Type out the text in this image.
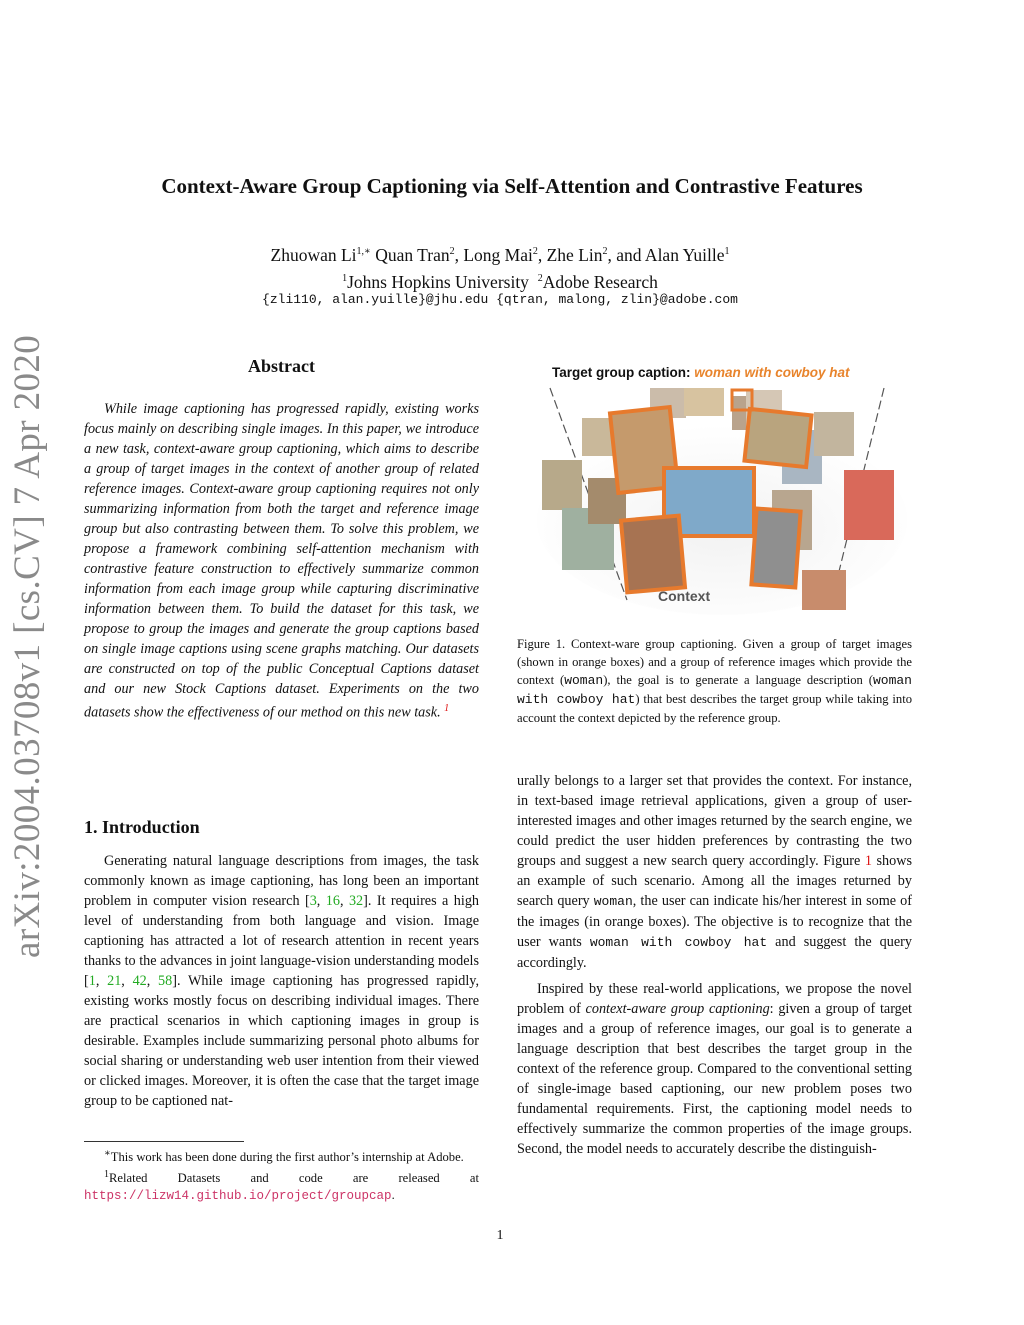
arXiv:2004.03708v1 [cs.CV] 7 Apr 2020
Context-Aware Group Captioning via Self-Attention and Contrastive Features
Zhuowan $Li^{1,∗}$ Quan Tran$^2$, Long Mai$^2$, Zhe Lin$^2$, and Alan Yuille$^1$
$^1$Johns Hopkins University $^2$Adobe Research
{zli110, alan.yuille}@jhu.edu {qtran, malong, zlin}@adobe.com
Abstract

While image captioning has progressed rapidly, existing works focus mainly on describing single images. In this paper, we introduce a new task, context-aware group captioning, which aims to describe a group of target images in the context of another group of related reference images. Context-aware group captioning requires not only summarizing information from both the target and reference image group but also contrasting between them. To solve this problem, we propose a framework combining self-attention mechanism with contrastive feature construction to effectively summarize common information from each image group while capturing discriminative information between them. To build the dataset for this task, we propose to group the images and generate the group captions based on single image captions using scene graphs matching. Our datasets are constructed on top of the public Conceptual Captions dataset and our new Stock Captions dataset. Experiments on the two datasets show the effectiveness of our method on this new task. $^1$

1. Introduction

Generating natural language descriptions from images, the task commonly known as image captioning, has long been an important problem in computer vision research [3, 16, 32]. It requires a high level of understanding from both language and vision. Image captioning has attracted a lot of research attention in recent years thanks to the advances in joint language-vision understanding models [1, 21, 42, 58]. While image captioning has progressed rapidly, existing works mostly focus on describing individual images. There are practical scenarios in which captioning images in group is desirable. Examples include summarizing personal photo albums for social sharing or understanding web user intention from their viewed or clicked images. Moreover, it is often the case that the target image group to be captioned nat-

∗This work has been done during the first author’s internship at Adobe.
$^1$Related Datasets and code are released at https://lizw14.github.io/project/groupcap.
Target group caption: woman with cowboy hat
Context
Figure 1. Context-ware group captioning. Given a group of target images (shown in orange boxes) and a group of reference images which provide the context (woman), the goal is to generate a language description (woman with cowboy hat) that best describes the target group while taking into account the context depicted by the reference group.

urally belongs to a larger set that provides the context. For instance, in text-based image retrieval applications, given a group of user-interested images and other images returned by the search engine, we could predict the user hidden preferences by contrasting the two groups and suggest a new search query accordingly. Figure 1 shows an example of such scenario. Among all the images returned by search query woman, the user can indicate his/her interest in some of the images (in orange boxes). The objective is to recognize that the user wants woman with cowboy hat and suggest the query accordingly.

Inspired by these real-world applications, we propose the novel problem of context-aware group captioning: given a group of target images and a group of reference images, our goal is to generate a language description that best describes the target group in the context of the reference group. Compared to the conventional setting of single-image based captioning, our new problem poses two fundamental requirements. First, the captioning model needs to effectively summarize the common properties of the image groups. Second, the model needs to accurately describe the distinguish-

1
